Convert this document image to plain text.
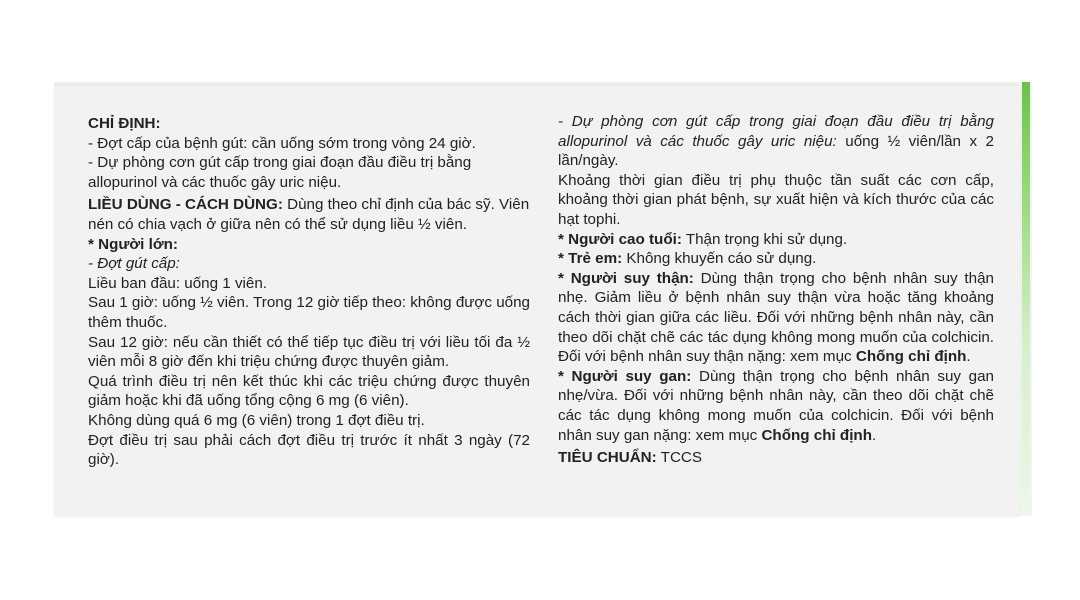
CHỈ ĐỊNH:

- Đợt cấp của bệnh gút: cần uống sớm trong vòng 24 giờ.

- Dự phòng cơn gút cấp trong giai đoạn đầu điều trị bằng allopurinol và các thuốc gây uric niệu.

LIỀU DÙNG - CÁCH DÙNG: Dùng theo chỉ định của bác sỹ. Viên nén có chia vạch ở giữa nên có thể sử dụng liều ½ viên.

* Người lớn:

- Đợt gút cấp:

Liều ban đầu: uống 1 viên.

Sau 1 giờ: uống ½ viên. Trong 12 giờ tiếp theo: không được uống thêm thuốc.

Sau 12 giờ: nếu cần thiết có thể tiếp tục điều trị với liều tối đa ½ viên mỗi 8 giờ đến khi triệu chứng được thuyên giảm.

Quá trình điều trị nên kết thúc khi các triệu chứng được thuyên giảm hoặc khi đã uống tổng cộng 6 mg (6 viên).

Không dùng quá 6 mg (6 viên) trong 1 đợt điều trị.

Đợt điều trị sau phải cách đợt điều trị trước ít nhất 3 ngày (72 giờ).

- Dự phòng cơn gút cấp trong giai đoạn đầu điều trị bằng allopurinol và các thuốc gây uric niệu: uống ½ viên/lần x 2 lần/ngày.

Khoảng thời gian điều trị phụ thuộc tần suất các cơn cấp, khoảng thời gian phát bệnh, sự xuất hiện và kích thước của các hạt tophi.

* Người cao tuổi: Thận trọng khi sử dụng.

* Trẻ em: Không khuyến cáo sử dụng.

* Người suy thận: Dùng thận trọng cho bệnh nhân suy thận nhẹ. Giảm liều ở bệnh nhân suy thận vừa hoặc tăng khoảng cách thời gian giữa các liều. Đối với những bệnh nhân này, cần theo dõi chặt chẽ các tác dụng không mong muốn của colchicin. Đối với bệnh nhân suy thận nặng: xem mục Chống chỉ định.

* Người suy gan: Dùng thận trọng cho bệnh nhân suy gan nhẹ/vừa. Đối với những bệnh nhân này, cần theo dõi chặt chẽ các tác dụng không mong muốn của colchicin. Đối với bệnh nhân suy gan nặng: xem mục Chống chỉ định.

TIÊU CHUẨN: TCCS
